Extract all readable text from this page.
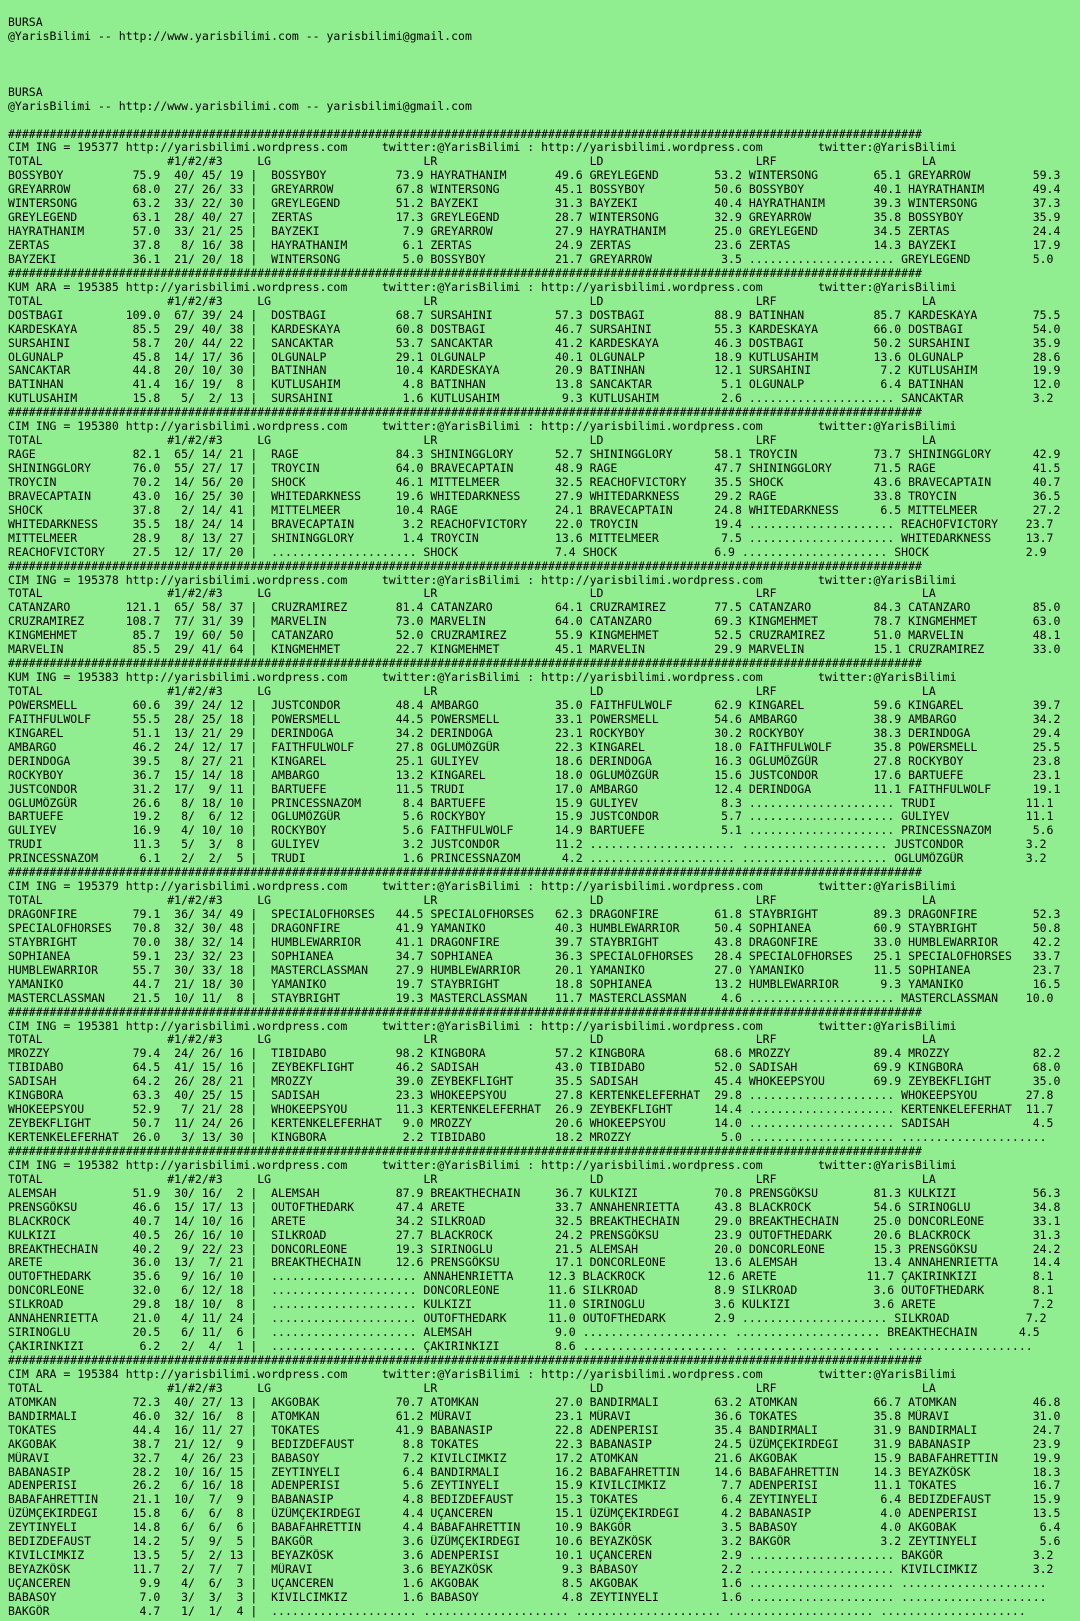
BURSA
@YarisBilimi -- http://www.yarisbilimi.com -- yarisbilimi@gmail.com
BURSA
@YarisBilimi -- http://www.yarisbilimi.com -- yarisbilimi@gmail.com
####################################################################################################################################
CIM ING = 195377 http://yarisbilimi.wordpress.com     twitter:@YarisBilimi : http://yarisbilimi.wordpress.com        twitter:@YarisBilimi
TOTAL                  #1/#2/#3     LG                      LR                      LD                      LRF                     LA
BOSSYBOY          75.9  40/ 45/ 19 |  BOSSYBOY          73.9 HAYRATHANIM       49.6 GREYLEGEND        53.2 WINTERSONG        65.1 GREYARROW         59.3
GREYARROW         68.0  27/ 26/ 33 |  GREYARROW         67.8 WINTERSONG        45.1 BOSSYBOY          50.6 BOSSYBOY          40.1 HAYRATHANIM       49.4
WINTERSONG        63.2  33/ 22/ 30 |  GREYLEGEND        51.2 BAYZEKI           31.3 BAYZEKI           40.4 HAYRATHANIM       39.3 WINTERSONG        37.3
GREYLEGEND        63.1  28/ 40/ 27 |  ZERTAS            17.3 GREYLEGEND        28.7 WINTERSONG        32.9 GREYARROW         35.8 BOSSYBOY          35.9
HAYRATHANIM       57.0  33/ 21/ 25 |  BAYZEKI            7.9 GREYARROW         27.9 HAYRATHANIM       25.0 GREYLEGEND        34.5 ZERTAS            24.4
ZERTAS            37.8   8/ 16/ 38 |  HAYRATHANIM        6.1 ZERTAS            24.9 ZERTAS            23.6 ZERTAS            14.3 BAYZEKI           17.9
BAYZEKI           36.1  21/ 20/ 18 |  WINTERSONG         5.0 BOSSYBOY          21.7 GREYARROW          3.5 ..................... GREYLEGEND         5.0
####################################################################################################################################
KUM ARA = 195385 http://yarisbilimi.wordpress.com     twitter:@YarisBilimi : http://yarisbilimi.wordpress.com        twitter:@YarisBilimi
TOTAL                  #1/#2/#3     LG                      LR                      LD                      LRF                     LA
DOSTBAGI         109.0  67/ 39/ 24 |  DOSTBAGI          68.7 SURSAHINI         57.3 DOSTBAGI          88.9 BATINHAN          85.7 KARDESKAYA        75.5
KARDESKAYA        85.5  29/ 40/ 38 |  KARDESKAYA        60.8 DOSTBAGI          46.7 SURSAHINI         55.3 KARDESKAYA        66.0 DOSTBAGI          54.0
SURSAHINI         58.7  20/ 44/ 22 |  SANCAKTAR         53.7 SANCAKTAR         41.2 KARDESKAYA        46.3 DOSTBAGI          50.2 SURSAHINI         35.9
OLGUNALP          45.8  14/ 17/ 36 |  OLGUNALP          29.1 OLGUNALP          40.1 OLGUNALP          18.9 KUTLUSAHIM        13.6 OLGUNALP          28.6
SANCAKTAR         44.8  20/ 10/ 30 |  BATINHAN          10.4 KARDESKAYA        20.9 BATINHAN          12.1 SURSAHINI          7.2 KUTLUSAHIM        19.9
BATINHAN          41.4  16/ 19/  8 |  KUTLUSAHIM         4.8 BATINHAN          13.8 SANCAKTAR          5.1 OLGUNALP           6.4 BATINHAN          12.0
KUTLUSAHIM        15.8   5/  2/ 13 |  SURSAHINI          1.6 KUTLUSAHIM         9.3 KUTLUSAHIM         2.6 ..................... SANCAKTAR          3.2
####################################################################################################################################
CIM ING = 195380 http://yarisbilimi.wordpress.com     twitter:@YarisBilimi : http://yarisbilimi.wordpress.com        twitter:@YarisBilimi
TOTAL                  #1/#2/#3     LG                      LR                      LD                      LRF                     LA
RAGE              82.1  65/ 14/ 21 |  RAGE              84.3 SHININGGLORY      52.7 SHININGGLORY      58.1 TROYCIN           73.7 SHININGGLORY      42.9
SHININGGLORY      76.0  55/ 27/ 17 |  TROYCIN           64.0 BRAVECAPTAIN      48.9 RAGE              47.7 SHININGGLORY      71.5 RAGE              41.5
TROYCIN           70.2  14/ 56/ 20 |  SHOCK             46.1 MITTELMEER        32.5 REACHOFVICTORY    35.5 SHOCK             43.6 BRAVECAPTAIN      40.7
BRAVECAPTAIN      43.0  16/ 25/ 30 |  WHITEDARKNESS     19.6 WHITEDARKNESS     27.9 WHITEDARKNESS     29.2 RAGE              33.8 TROYCIN           36.5
SHOCK             37.8   2/ 14/ 41 |  MITTELMEER        10.4 RAGE              24.1 BRAVECAPTAIN      24.8 WHITEDARKNESS      6.5 MITTELMEER        27.2
WHITEDARKNESS     35.5  18/ 24/ 14 |  BRAVECAPTAIN       3.2 REACHOFVICTORY    22.0 TROYCIN           19.4 ..................... REACHOFVICTORY    23.7
MITTELMEER        28.9   8/ 13/ 27 |  SHININGGLORY       1.4 TROYCIN           13.6 MITTELMEER         7.5 ..................... WHITEDARKNESS     13.7
REACHOFVICTORY    27.5  12/ 17/ 20 |  ..................... SHOCK              7.4 SHOCK              6.9 ..................... SHOCK              2.9
####################################################################################################################################
CIM ING = 195378 http://yarisbilimi.wordpress.com     twitter:@YarisBilimi : http://yarisbilimi.wordpress.com        twitter:@YarisBilimi
TOTAL                  #1/#2/#3     LG                      LR                      LD                      LRF                     LA
CATANZARO        121.1  65/ 58/ 37 |  CRUZRAMIREZ       81.4 CATANZARO         64.1 CRUZRAMIREZ       77.5 CATANZARO         84.3 CATANZARO         85.0
CRUZRAMIREZ      108.7  77/ 31/ 39 |  MARVELIN          73.0 MARVELIN          64.0 CATANZARO         69.3 KINGMEHMET        78.7 KINGMEHMET        63.0
KINGMEHMET        85.7  19/ 60/ 50 |  CATANZARO         52.0 CRUZRAMIREZ       55.9 KINGMEHMET        52.5 CRUZRAMIREZ       51.0 MARVELIN          48.1
MARVELIN          85.5  29/ 41/ 64 |  KINGMEHMET        22.7 KINGMEHMET        45.1 MARVELIN          29.9 MARVELIN          15.1 CRUZRAMIREZ       33.0
####################################################################################################################################
KUM ING = 195383 http://yarisbilimi.wordpress.com     twitter:@YarisBilimi : http://yarisbilimi.wordpress.com        twitter:@YarisBilimi
TOTAL                  #1/#2/#3     LG                      LR                      LD                      LRF                     LA
POWERSMELL        60.6  39/ 24/ 12 |  JUSTCONDOR        48.4 AMBARGO           35.0 FAITHFULWOLF      62.9 KINGAREL          59.6 KINGAREL          39.7
FAITHFULWOLF      55.5  28/ 25/ 18 |  POWERSMELL        44.5 POWERSMELL        33.1 POWERSMELL        54.6 AMBARGO           38.9 AMBARGO           34.2
KINGAREL          51.1  13/ 21/ 29 |  DERINDOGA         34.2 DERINDOGA         23.1 ROCKYBOY          30.2 ROCKYBOY          38.3 DERINDOGA         29.4
AMBARGO           46.2  24/ 12/ 17 |  FAITHFULWOLF      27.8 OGLUMÖZGÜR        22.3 KINGAREL          18.0 FAITHFULWOLF      35.8 POWERSMELL        25.5
DERINDOGA         39.5   8/ 27/ 21 |  KINGAREL          25.1 GULIYEV           18.6 DERINDOGA         16.3 OGLUMÖZGÜR        27.8 ROCKYBOY          23.8
ROCKYBOY          36.7  15/ 14/ 18 |  AMBARGO           13.2 KINGAREL          18.0 OGLUMÖZGÜR        15.6 JUSTCONDOR        17.6 BARTUEFE          23.1
JUSTCONDOR        31.2  17/  9/ 11 |  BARTUEFE          11.5 TRUDI             17.0 AMBARGO           12.4 DERINDOGA         11.1 FAITHFULWOLF      19.1
OGLUMÖZGÜR        26.6   8/ 18/ 10 |  PRINCESSNAZOM      8.4 BARTUEFE          15.9 GULIYEV            8.3 ..................... TRUDI             11.1
BARTUEFE          19.2   8/  6/ 12 |  OGLUMÖZGÜR         5.6 ROCKYBOY          15.9 JUSTCONDOR         5.7 ..................... GULIYEV           11.1
GULIYEV           16.9   4/ 10/ 10 |  ROCKYBOY           5.6 FAITHFULWOLF      14.9 BARTUEFE           5.1 ..................... PRINCESSNAZOM      5.6
TRUDI             11.3   5/  3/  8 |  GULIYEV            3.2 JUSTCONDOR        11.2 ..................... ..................... JUSTCONDOR         3.2
PRINCESSNAZOM      6.1   2/  2/  5 |  TRUDI              1.6 PRINCESSNAZOM      4.2 ..................... ..................... OGLUMÖZGÜR         3.2
####################################################################################################################################
CIM ING = 195379 http://yarisbilimi.wordpress.com     twitter:@YarisBilimi : http://yarisbilimi.wordpress.com        twitter:@YarisBilimi
TOTAL                  #1/#2/#3     LG                      LR                      LD                      LRF                     LA
DRAGONFIRE        79.1  36/ 34/ 49 |  SPECIALOFHORSES   44.5 SPECIALOFHORSES   62.3 DRAGONFIRE        61.8 STAYBRIGHT        89.3 DRAGONFIRE        52.3
SPECIALOFHORSES   70.8  32/ 30/ 48 |  DRAGONFIRE        41.9 YAMANIKO          40.3 HUMBLEWARRIOR     50.4 SOPHIANEA         60.9 STAYBRIGHT        50.8
STAYBRIGHT        70.0  38/ 32/ 14 |  HUMBLEWARRIOR     41.1 DRAGONFIRE        39.7 STAYBRIGHT        43.8 DRAGONFIRE        33.0 HUMBLEWARRIOR     42.2
SOPHIANEA         59.1  23/ 32/ 23 |  SOPHIANEA         34.7 SOPHIANEA         36.3 SPECIALOFHORSES   28.4 SPECIALOFHORSES   25.1 SPECIALOFHORSES   33.7
HUMBLEWARRIOR     55.7  30/ 33/ 18 |  MASTERCLASSMAN    27.9 HUMBLEWARRIOR     20.1 YAMANIKO          27.0 YAMANIKO          11.5 SOPHIANEA         23.7
YAMANIKO          44.7  21/ 18/ 30 |  YAMANIKO          19.7 STAYBRIGHT        18.8 SOPHIANEA         13.2 HUMBLEWARRIOR      9.3 YAMANIKO          16.5
MASTERCLASSMAN    21.5  10/ 11/  8 |  STAYBRIGHT        19.3 MASTERCLASSMAN    11.7 MASTERCLASSMAN     4.6 ..................... MASTERCLASSMAN    10.0
####################################################################################################################################
CIM ING = 195381 http://yarisbilimi.wordpress.com     twitter:@YarisBilimi : http://yarisbilimi.wordpress.com        twitter:@YarisBilimi
TOTAL                  #1/#2/#3     LG                      LR                      LD                      LRF                     LA
MROZZY            79.4  24/ 26/ 16 |  TIBIDABO          98.2 KINGBORA          57.2 KINGBORA          68.6 MROZZY            89.4 MROZZY            82.2
TIBIDABO          64.5  41/ 15/ 16 |  ZEYBEKFLIGHT      46.2 SADISAH           43.0 TIBIDABO          52.0 SADISAH           69.9 KINGBORA          68.0
SADISAH           64.2  26/ 28/ 21 |  MROZZY            39.0 ZEYBEKFLIGHT      35.5 SADISAH           45.4 WHOKEEPSYOU       69.9 ZEYBEKFLIGHT      35.0
KINGBORA          63.3  40/ 25/ 15 |  SADISAH           23.3 WHOKEEPSYOU       27.8 KERTENKELEFERHAT  29.8 ..................... WHOKEEPSYOU       27.8
WHOKEEPSYOU       52.9   7/ 21/ 28 |  WHOKEEPSYOU       11.3 KERTENKELEFERHAT  26.9 ZEYBEKFLIGHT      14.4 ..................... KERTENKELEFERHAT  11.7
ZEYBEKFLIGHT      50.7  11/ 24/ 26 |  KERTENKELEFERHAT   9.0 MROZZY            20.6 WHOKEEPSYOU       14.0 ..................... SADISAH            4.5
KERTENKELEFERHAT  26.0   3/ 13/ 30 |  KINGBORA           2.2 TIBIDABO          18.2 MROZZY             5.0 ..................... .....................
####################################################################################################################################
CIM ING = 195382 http://yarisbilimi.wordpress.com     twitter:@YarisBilimi : http://yarisbilimi.wordpress.com        twitter:@YarisBilimi
TOTAL                  #1/#2/#3     LG                      LR                      LD                      LRF                     LA
ALEMSAH           51.9  30/ 16/  2 |  ALEMSAH           87.9 BREAKTHECHAIN     36.7 KULKIZI           70.8 PRENSGÖKSU        81.3 KULKIZI           56.3
PRENSGÖKSU        46.6  15/ 17/ 13 |  OUTOFTHEDARK      47.4 ARETE             33.7 ANNAHENRIETTA     43.8 BLACKROCK         54.6 SIRINOGLU         34.8
BLACKROCK         40.7  14/ 10/ 16 |  ARETE             34.2 SILKROAD          32.5 BREAKTHECHAIN     29.0 BREAKTHECHAIN     25.0 DONCORLEONE       33.1
KULKIZI           40.5  26/ 16/ 10 |  SILKROAD          27.7 BLACKROCK         24.2 PRENSGÖKSU        23.9 OUTOFTHEDARK      20.6 BLACKROCK         31.3
BREAKTHECHAIN     40.2   9/ 22/ 23 |  DONCORLEONE       19.3 SIRINOGLU         21.5 ALEMSAH           20.0 DONCORLEONE       15.3 PRENSGÖKSU        24.2
ARETE             36.0  13/  7/ 21 |  BREAKTHECHAIN     12.6 PRENSGÖKSU        17.1 DONCORLEONE       13.6 ALEMSAH           13.4 ANNAHENRIETTA     14.4
OUTOFTHEDARK      35.6   9/ 16/ 10 |  ..................... ANNAHENRIETTA     12.3 BLACKROCK         12.6 ARETE             11.7 ÇAKIRINKIZI        8.1
DONCORLEONE       32.0   6/ 12/ 18 |  ..................... DONCORLEONE       11.6 SILKROAD           8.9 SILKROAD           3.6 OUTOFTHEDARK       8.1
SILKROAD          29.8  18/ 10/  8 |  ..................... KULKIZI           11.0 SIRINOGLU          3.6 KULKIZI            3.6 ARETE              7.2
ANNAHENRIETTA     21.0   4/ 11/ 24 |  ..................... OUTOFTHEDARK      11.0 OUTOFTHEDARK       2.9 ..................... SILKROAD           7.2
SIRINOGLU         20.5   6/ 11/  6 |  ..................... ALEMSAH            9.0 ..................... ..................... BREAKTHECHAIN      4.5
ÇAKIRINKIZI        6.2   2/  4/  1 |  ..................... ÇAKIRINKIZI        8.6 ..................... ..................... .....................
####################################################################################################################################
CIM ARA = 195384 http://yarisbilimi.wordpress.com     twitter:@YarisBilimi : http://yarisbilimi.wordpress.com        twitter:@YarisBilimi
TOTAL                  #1/#2/#3     LG                      LR                      LD                      LRF                     LA
ATOMKAN           72.3  40/ 27/ 13 |  AKGOBAK           70.7 ATOMKAN           27.0 BANDIRMALI        63.2 ATOMKAN           66.7 ATOMKAN           46.8
BANDIRMALI        46.0  32/ 16/  8 |  ATOMKAN           61.2 MÜRAVI            23.1 MÜRAVI            36.6 TOKATES           35.8 MÜRAVI            31.0
TOKATES           44.4  16/ 11/ 27 |  TOKATES           41.9 BABANASIP         22.8 ADENPERISI        35.4 BANDIRMALI        31.9 BANDIRMALI        24.7
AKGOBAK           38.7  21/ 12/  9 |  BEDIZDEFAUST       8.8 TOKATES           22.3 BABANASIP         24.5 ÜZÜMÇEKIRDEGI     31.9 BABANASIP         23.9
MÜRAVI            32.7   4/ 26/ 23 |  BABASOY            7.2 KIVILCIMKIZ       17.2 ATOMKAN           21.6 AKGOBAK           15.9 BABAFAHRETTIN     19.9
BABANASIP         28.2  10/ 16/ 15 |  ZEYTINYELI         6.4 BANDIRMALI        16.2 BABAFAHRETTIN     14.6 BABAFAHRETTIN     14.3 BEYAZKÖSK         18.3
ADENPERISI        26.2   6/ 16/ 18 |  ADENPERISI         5.6 ZEYTINYELI        15.9 KIVILCIMKIZ        7.7 ADENPERISI        11.1 TOKATES           16.7
BABAFAHRETTIN     21.1  10/  7/  9 |  BABANASIP          4.8 BEDIZDEFAUST      15.3 TOKATES            6.4 ZEYTINYELI         6.4 BEDIZDEFAUST      15.9
ÜZÜMÇEKIRDEGI     15.8   6/  6/  8 |  ÜZÜMÇEKIRDEGI      4.4 UÇANCEREN         15.1 ÜZÜMÇEKIRDEGI      4.2 BABANASIP          4.0 ADENPERISI        13.5
ZEYTINYELI        14.8   6/  6/  6 |  BABAFAHRETTIN      4.4 BABAFAHRETTIN     10.9 BAKGÖR             3.5 BABASOY            4.0 AKGOBAK            6.4
BEDIZDEFAUST      14.2   5/  9/  5 |  BAKGÖR             3.6 ÜZÜMÇEKIRDEGI     10.6 BEYAZKÖSK          3.2 BAKGÖR             3.2 ZEYTINYELI         5.6
KIVILCIMKIZ       13.5   5/  2/ 13 |  BEYAZKÖSK          3.6 ADENPERISI        10.1 UÇANCEREN          2.9 ..................... BAKGÖR             3.2
BEYAZKÖSK         11.7   2/  7/  7 |  MÜRAVI             3.6 BEYAZKÖSK          9.3 BABASOY            2.2 ..................... KIVILCIMKIZ        3.2
UÇANCEREN          9.9   4/  6/  3 |  UÇANCEREN          1.6 AKGOBAK            8.5 AKGOBAK            1.6 ..................... .....................
BABASOY            7.0   3/  3/  3 |  KIVILCIMKIZ        1.6 BABASOY            4.8 ZEYTINYELI         1.6 ..................... .....................
BAKGÖR             4.7   1/  1/  4 |  ..................... ..................... ..................... ..................... .....................
